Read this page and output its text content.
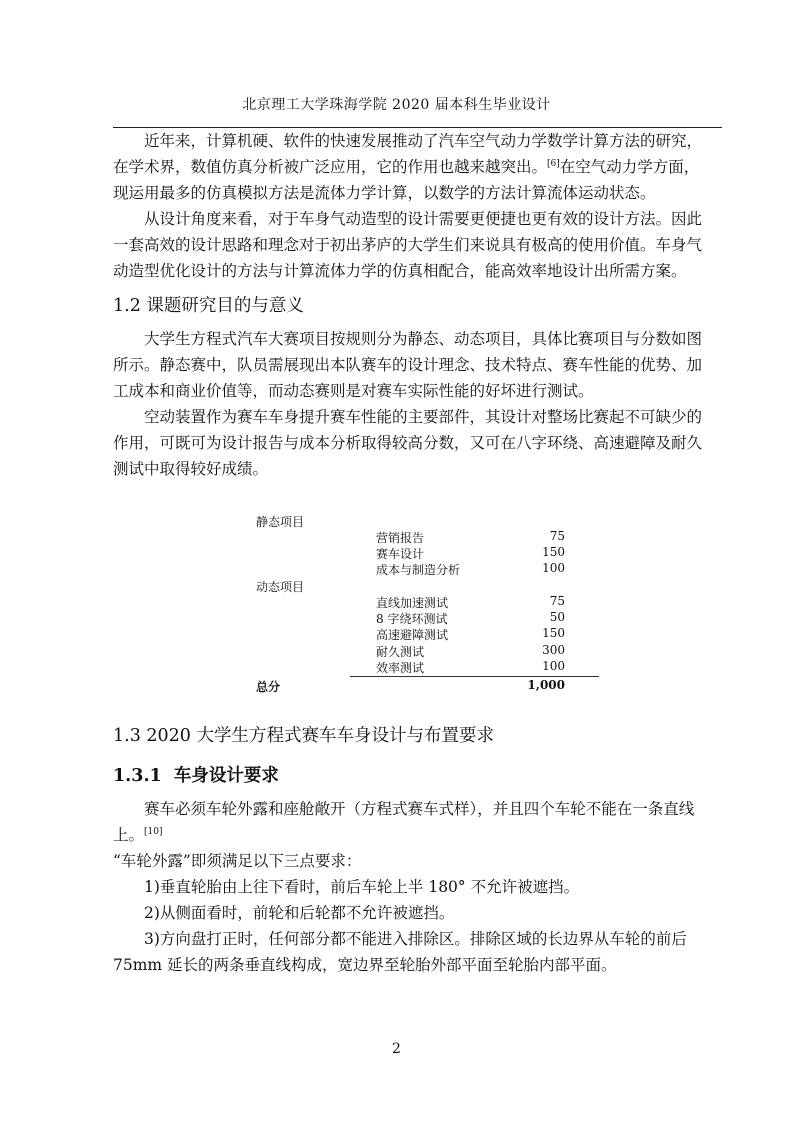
北京理工大学珠海学院 2020 届本科生毕业设计

近年来，计算机硬、软件的快速发展推动了汽车空气动力学数学计算方法的研究，
在学术界，数值仿真分析被广泛应用，它的作用也越来越突出。[6]在空气动力学方面，
现运用最多的仿真模拟方法是流体力学计算，以数学的方法计算流体运动状态。

从设计角度来看，对于车身气动造型的设计需要更便捷也更有效的设计方法。因此
一套高效的设计思路和理念对于初出茅庐的大学生们来说具有极高的使用价值。车身气
动造型优化设计的方法与计算流体力学的仿真相配合，能高效率地设计出所需方案。

1.2 课题研究目的与意义

大学生方程式汽车大赛项目按规则分为静态、动态项目，具体比赛项目与分数如图
所示。静态赛中，队员需展现出本队赛车的设计理念、技术特点、赛车性能的优势、加
工成本和商业价值等，而动态赛则是对赛车实际性能的好坏进行测试。

空动装置作为赛车车身提升赛车性能的主要部件，其设计对整场比赛起不可缺少的
作用，可既可为设计报告与成本分析取得较高分数，又可在八字环绕、高速避障及耐久
测试中取得较好成绩。

静态项目
营销报告	75
赛车设计	150
成本与制造分析	100
动态项目
直线加速测试	75
8 字绕环测试	50
高速避障测试	150
耐久测试	300
效率测试	100
总分	1,000
1.3 2020 大学生方程式赛车车身设计与布置要求
1.3.1 车身设计要求

赛车必须车轮外露和座舱敞开（方程式赛车式样），并且四个车轮不能在一条直线
上。[10]
“车轮外露”即须满足以下三点要求：
1)垂直轮胎由上往下看时，前后车轮上半 180° 不允许被遮挡。
2)从侧面看时，前轮和后轮都不允许被遮挡。
3)方向盘打正时，任何部分都不能进入排除区。排除区域的长边界从车轮的前后
75mm 延长的两条垂直线构成，宽边界至轮胎外部平面至轮胎内部平面。

2
